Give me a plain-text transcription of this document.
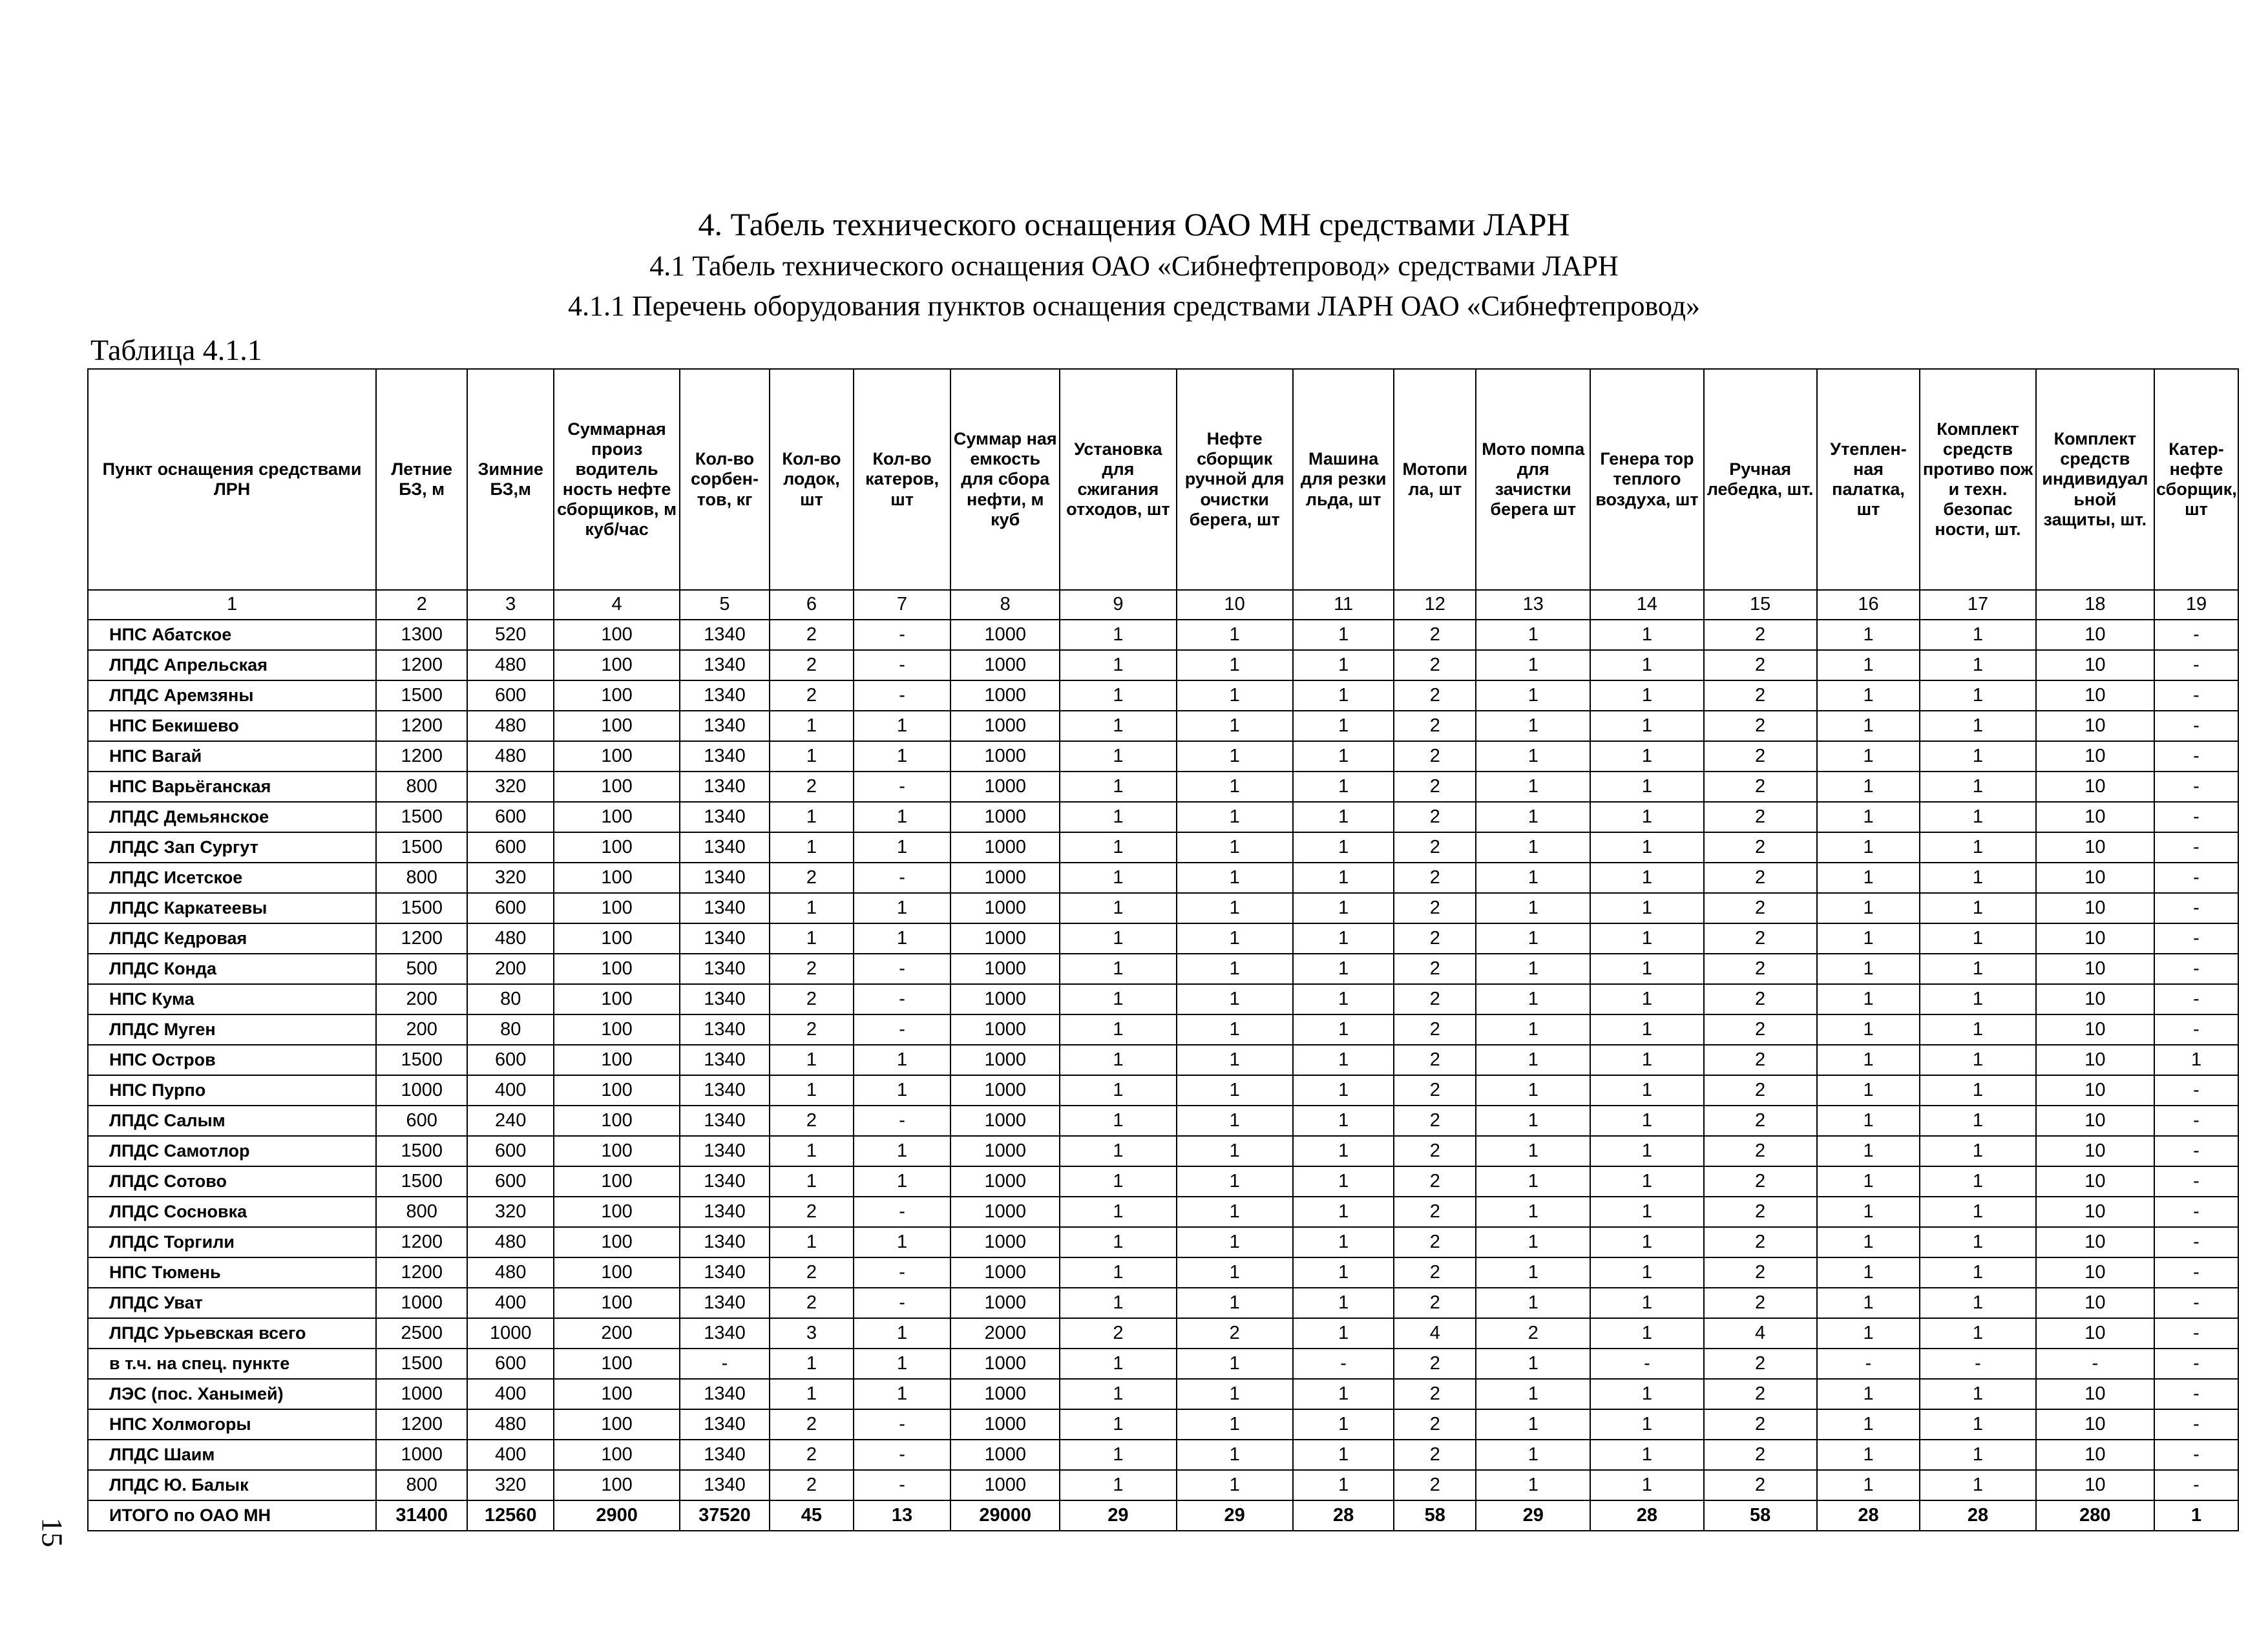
4. Табель технического оснащения ОАО МН средствами ЛАРН
4.1 Табель технического оснащения ОАО «Сибнефтепровод» средствами ЛАРН
4.1.1 Перечень оборудования пунктов оснащения средствами ЛАРН ОАО «Сибнефтепровод»
Таблица 4.1.1
15
Пункт оснащения средствами ЛРН	Летние БЗ, м	Зимние БЗ,м	Суммарная произ водитель ность нефте сборщиков, м куб/час	Кол-во сорбен-тов, кг	Кол-во лодок, шт	Кол-во катеров, шт	Суммар ная емкость для сбора нефти, м куб	Установка для сжигания отходов, шт	Нефте сборщик ручной для очистки берега, шт	Машина для резки льда, шт	Мотопи ла, шт	Мото помпа для зачистки берега шт	Генера тор теплого воздуха, шт	Ручная лебедка, шт.	Утеплен-ная палатка, шт	Комплект средств противо пож и техн. безопас ности, шт.	Комплект средств индивидуал ьной защиты, шт.	Катер-нефте сборщик, шт
1	2	3	4	5	6	7	8	9	10	11	12	13	14	15	16	17	18	19
НПС Абатское	1300	520	100	1340	2	-	1000	1	1	1	2	1	1	2	1	1	10	-
ЛПДС Апрельская	1200	480	100	1340	2	-	1000	1	1	1	2	1	1	2	1	1	10	-
ЛПДС Аремзяны	1500	600	100	1340	2	-	1000	1	1	1	2	1	1	2	1	1	10	-
НПС Бекишево	1200	480	100	1340	1	1	1000	1	1	1	2	1	1	2	1	1	10	-
НПС Вагай	1200	480	100	1340	1	1	1000	1	1	1	2	1	1	2	1	1	10	-
НПС Варьёганская	800	320	100	1340	2	-	1000	1	1	1	2	1	1	2	1	1	10	-
ЛПДС Демьянское	1500	600	100	1340	1	1	1000	1	1	1	2	1	1	2	1	1	10	-
ЛПДС Зап Сургут	1500	600	100	1340	1	1	1000	1	1	1	2	1	1	2	1	1	10	-
ЛПДС Исетское	800	320	100	1340	2	-	1000	1	1	1	2	1	1	2	1	1	10	-
ЛПДС Каркатеевы	1500	600	100	1340	1	1	1000	1	1	1	2	1	1	2	1	1	10	-
ЛПДС Кедровая	1200	480	100	1340	1	1	1000	1	1	1	2	1	1	2	1	1	10	-
ЛПДС Конда	500	200	100	1340	2	-	1000	1	1	1	2	1	1	2	1	1	10	-
НПС Кума	200	80	100	1340	2	-	1000	1	1	1	2	1	1	2	1	1	10	-
ЛПДС Муген	200	80	100	1340	2	-	1000	1	1	1	2	1	1	2	1	1	10	-
НПС Остров	1500	600	100	1340	1	1	1000	1	1	1	2	1	1	2	1	1	10	1
НПС Пурпо	1000	400	100	1340	1	1	1000	1	1	1	2	1	1	2	1	1	10	-
ЛПДС Салым	600	240	100	1340	2	-	1000	1	1	1	2	1	1	2	1	1	10	-
ЛПДС Самотлор	1500	600	100	1340	1	1	1000	1	1	1	2	1	1	2	1	1	10	-
ЛПДС Сотово	1500	600	100	1340	1	1	1000	1	1	1	2	1	1	2	1	1	10	-
ЛПДС Сосновка	800	320	100	1340	2	-	1000	1	1	1	2	1	1	2	1	1	10	-
ЛПДС Торгили	1200	480	100	1340	1	1	1000	1	1	1	2	1	1	2	1	1	10	-
НПС Тюмень	1200	480	100	1340	2	-	1000	1	1	1	2	1	1	2	1	1	10	-
ЛПДС Уват	1000	400	100	1340	2	-	1000	1	1	1	2	1	1	2	1	1	10	-
ЛПДС Урьевская всего	2500	1000	200	1340	3	1	2000	2	2	1	4	2	1	4	1	1	10	-
в т.ч. на спец. пункте	1500	600	100	-	1	1	1000	1	1	-	2	1	-	2	-	-	-	-
ЛЭС (пос. Ханымей)	1000	400	100	1340	1	1	1000	1	1	1	2	1	1	2	1	1	10	-
НПС Холмогоры	1200	480	100	1340	2	-	1000	1	1	1	2	1	1	2	1	1	10	-
ЛПДС Шаим	1000	400	100	1340	2	-	1000	1	1	1	2	1	1	2	1	1	10	-
ЛПДС Ю. Балык	800	320	100	1340	2	-	1000	1	1	1	2	1	1	2	1	1	10	-
ИТОГО по ОАО МН	31400	12560	2900	37520	45	13	29000	29	29	28	58	29	28	58	28	28	280	1
